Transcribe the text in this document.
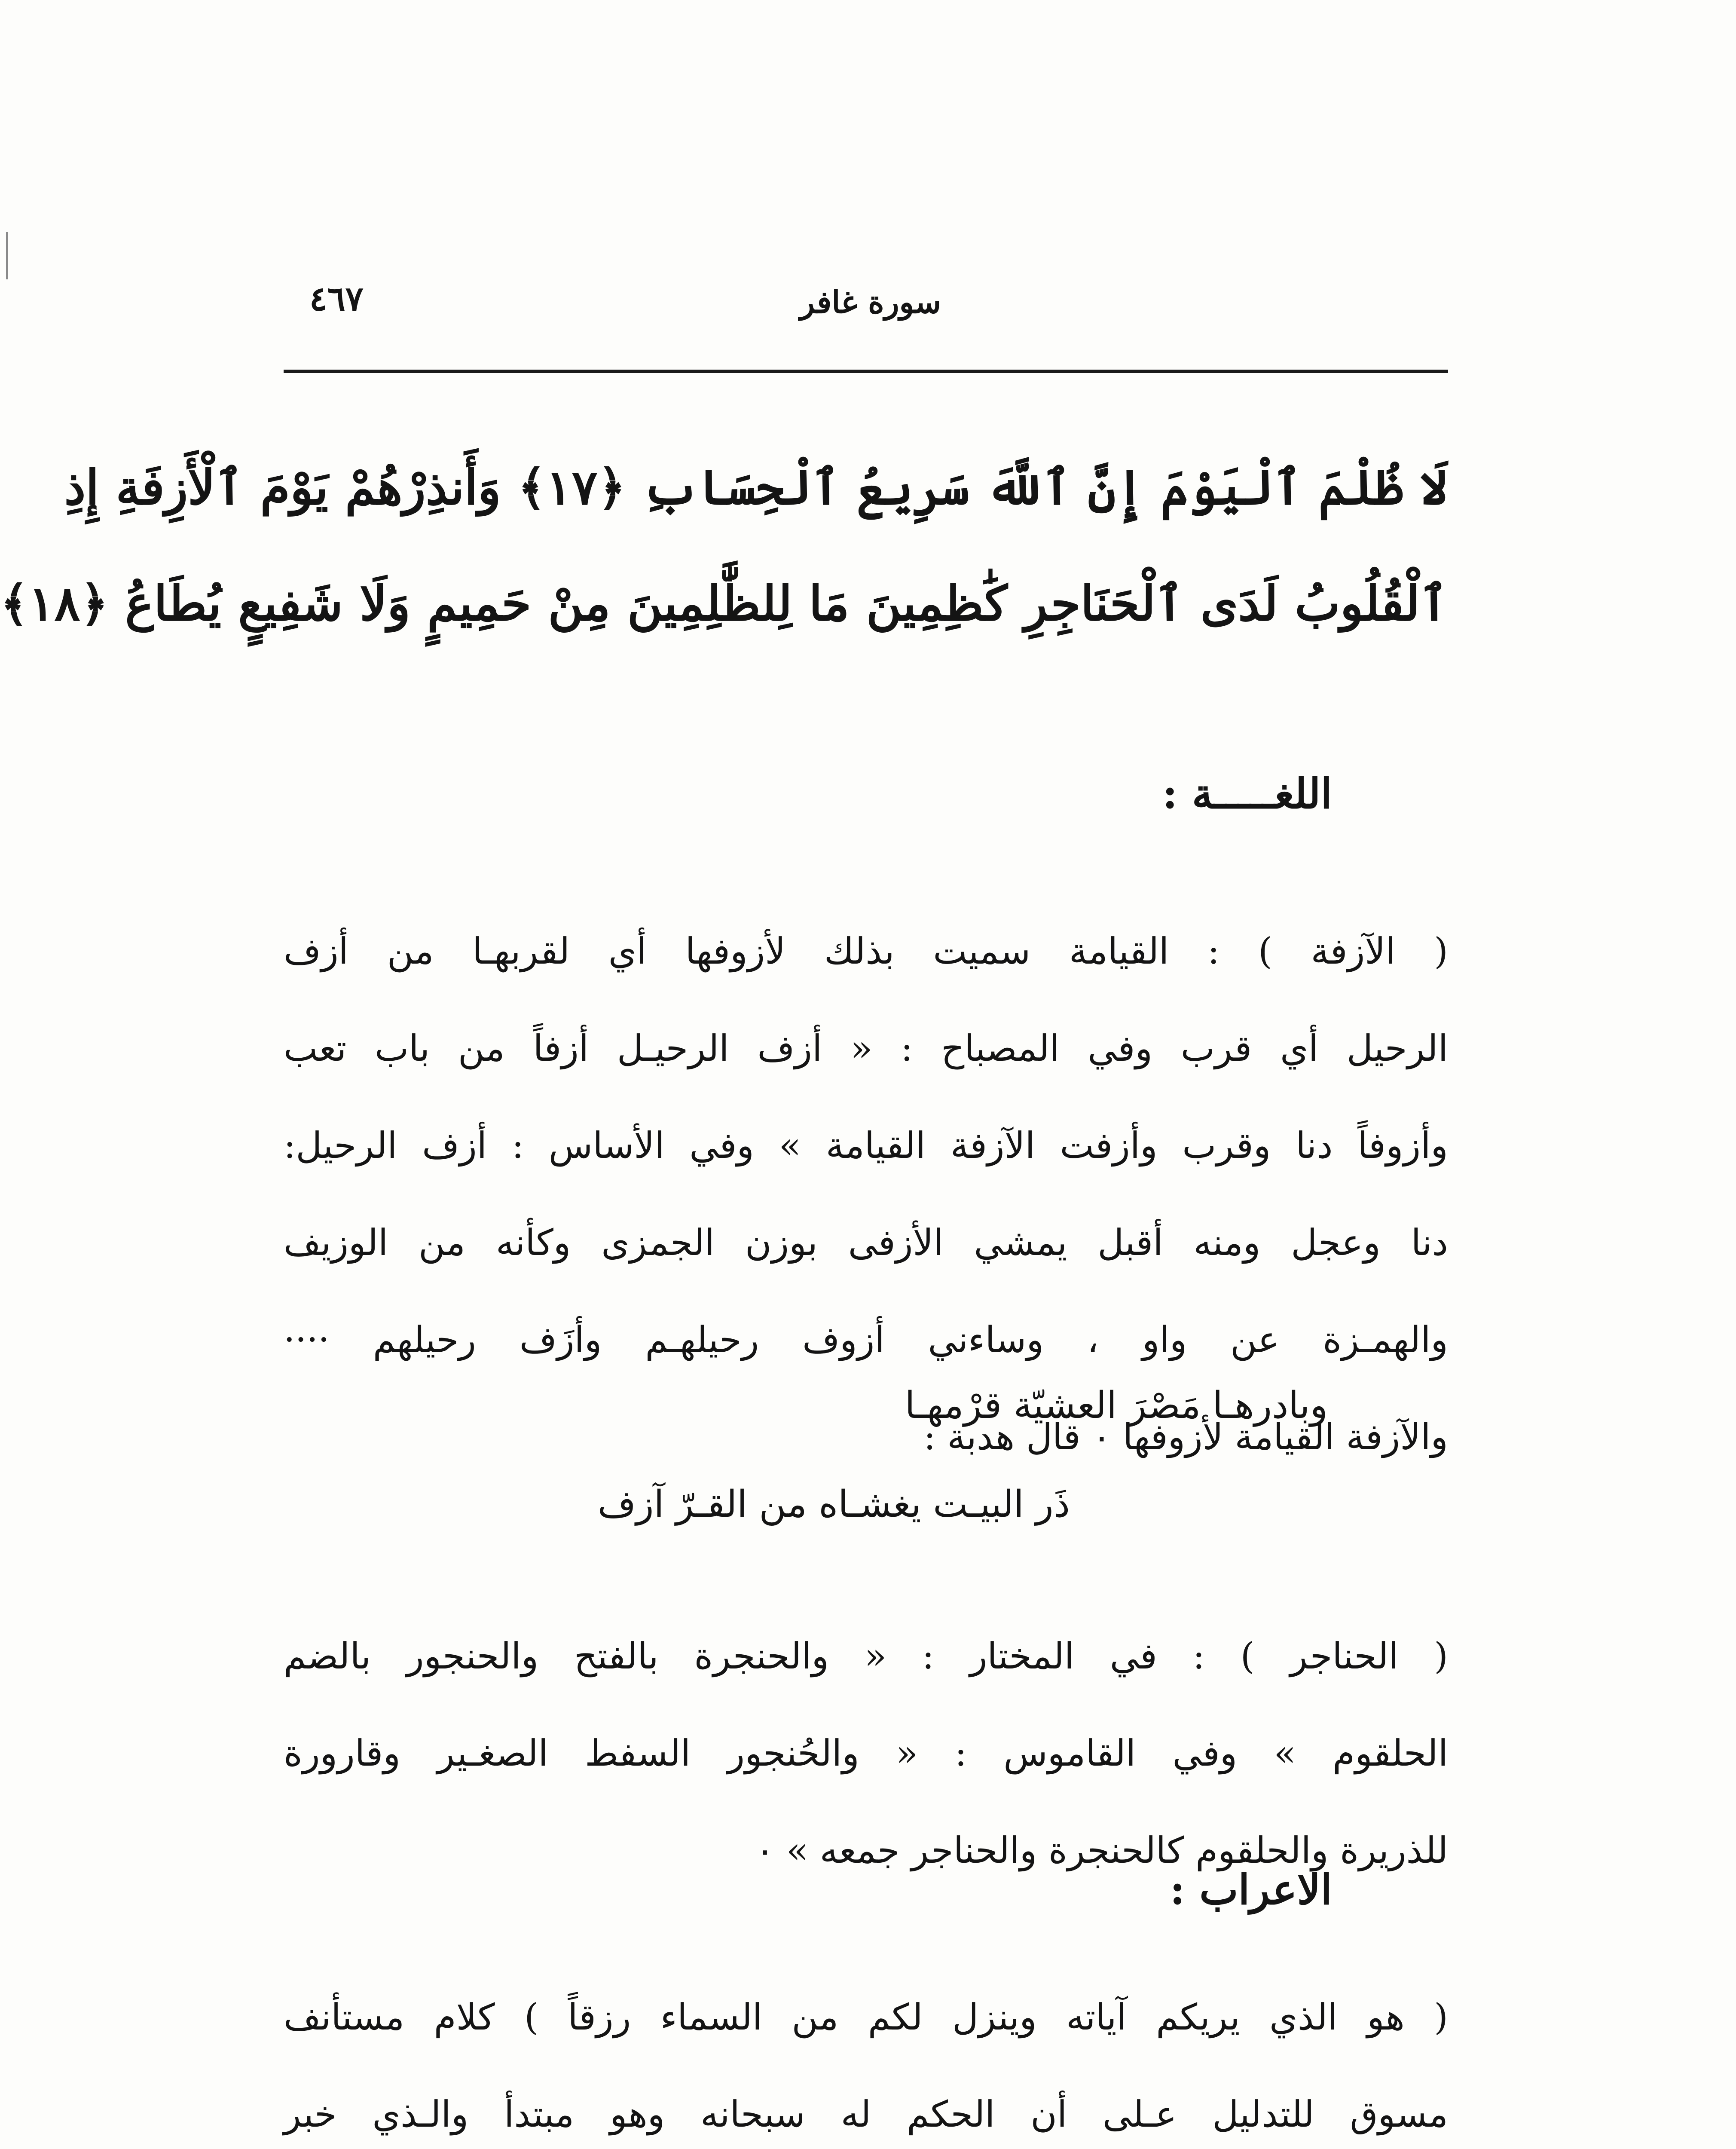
سورة غافر
٤٦٧
لَا ظُلْمَ ٱلْيَوْمَ إِنَّ ٱللَّهَ سَرِيعُ ٱلْحِسَابِ ﴿١٧﴾ وَأَنذِرْهُمْ يَوْمَ ٱلْأَزِفَةِ إِذِ
ٱلْقُلُوبُ لَدَى ٱلْحَنَاجِرِ كَٰظِمِينَ مَا لِلظَّٰلِمِينَ مِنْ حَمِيمٍ وَلَا شَفِيعٍ يُطَاعُ ﴿١٨﴾
اللغـــــة :
( الآزفة ) : القيامة سميت بذلك لأزوفها أي لقربهـا من أزف
الرحيل أي قرب وفي المصباح : « أزف الرحيـل أزفاً من باب تعب
وأزوفاً دنا وقرب وأزفت الآزفة القيامة » وفي الأساس : أزف الرحيل:
دنا وعجل ومنه أقبل يمشي الأزفى بوزن الجمزى وكأنه من الوزيف
والهمـزة عن واو ، وساءني أزوف رحيلهـم وأزَف رحيلهم ····
والآزفة القيامة لأزوفها ٠ قال هدبة :
وبادرهـا مَصْرَ العشيّة قرْمهـا
ذَر البيـت يغشـاه من القـرّ آزف
( الحناجر ) : في المختار : « والحنجرة بالفتح والحنجور بالضم
الحلقوم » وفي القاموس : « والحُنجور السفط الصغـير وقارورة
للذريرة والحلقوم كالحنجرة والحناجر جمعه » ٠
الاعراب :
( هو الذي يريكم آياته وينزل لكم من السماء رزقاً ) كلام مستأنف
مسوق للتدليل عـلى أن الحكم له سبحانه وهو مبتدأ والـذي خبر
